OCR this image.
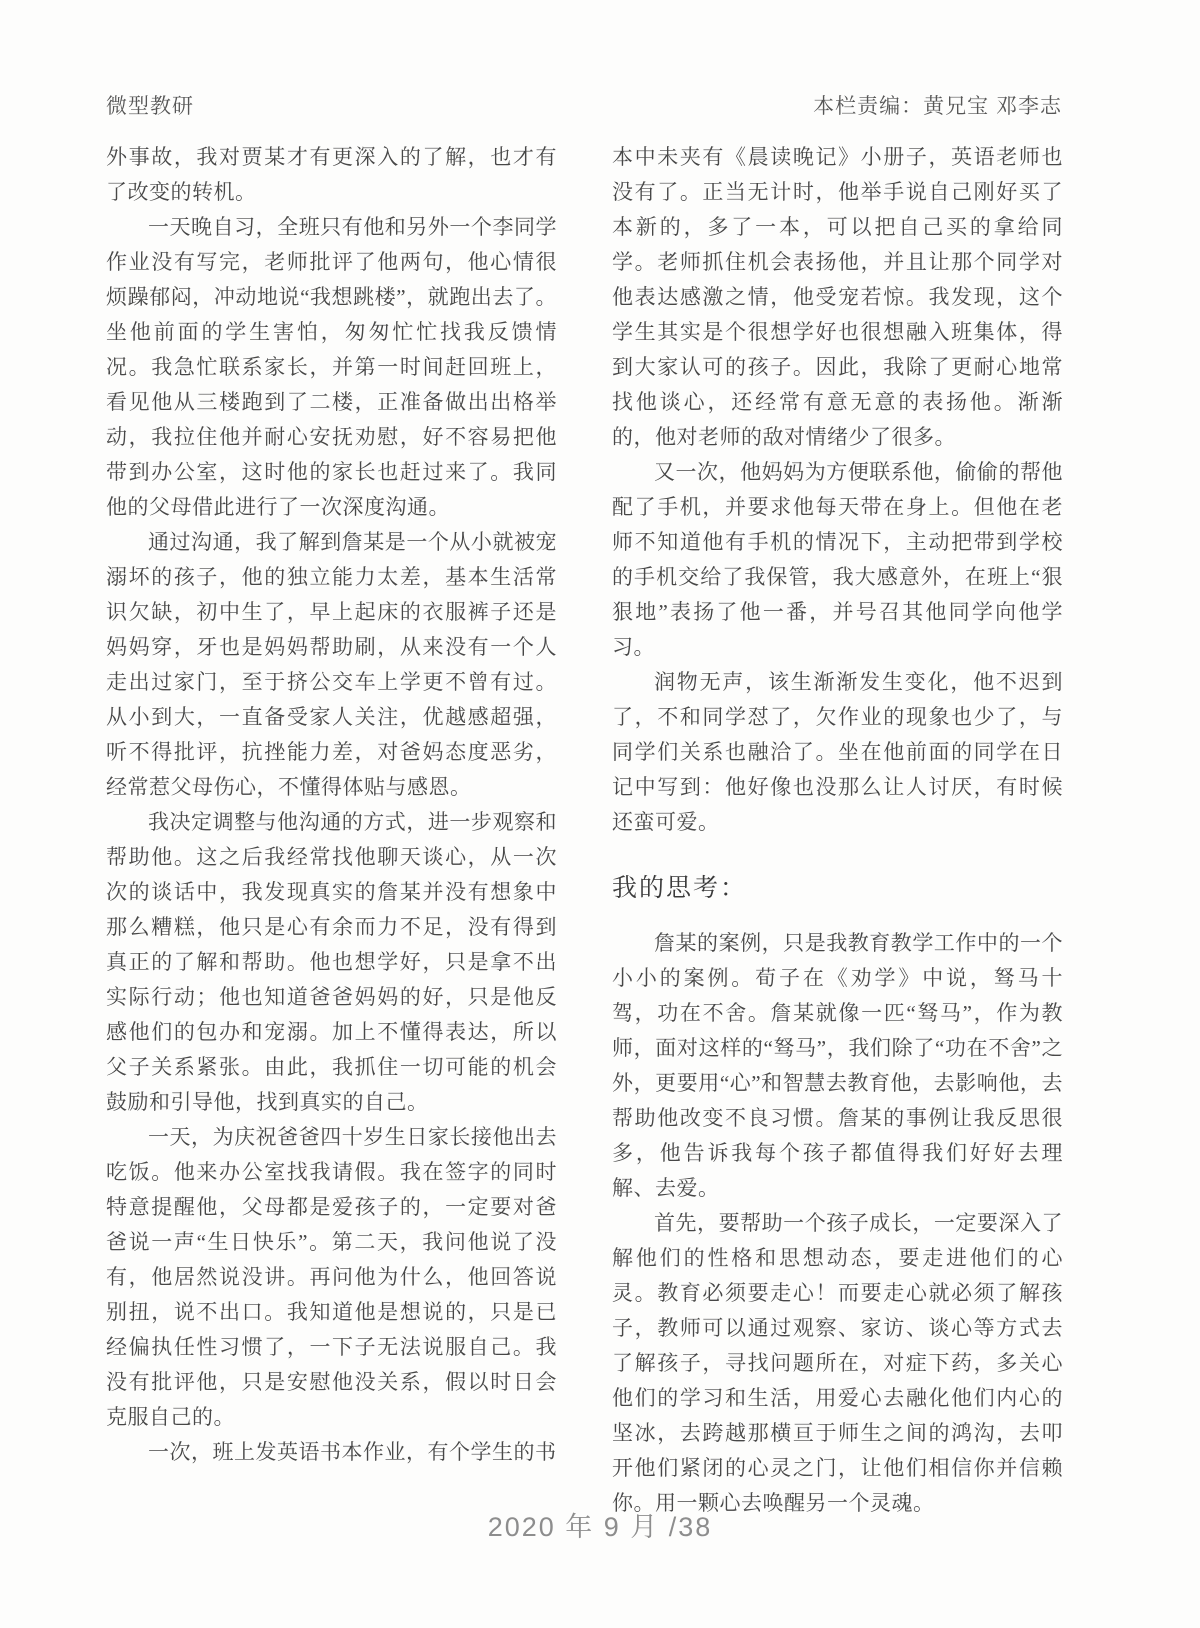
微型教研	本栏责编：黄兄宝 邓李志

外事故，我对贾某才有更深入的了解，也才有了改变的转机。

一天晚自习，全班只有他和另外一个李同学作业没有写完，老师批评了他两句，他心情很烦躁郁闷，冲动地说“我想跳楼”，就跑出去了。坐他前面的学生害怕，匆匆忙忙找我反馈情况。我急忙联系家长，并第一时间赶回班上，看见他从三楼跑到了二楼，正准备做出出格举动，我拉住他并耐心安抚劝慰，好不容易把他带到办公室，这时他的家长也赶过来了。我同他的父母借此进行了一次深度沟通。

通过沟通，我了解到詹某是一个从小就被宠溺坏的孩子，他的独立能力太差，基本生活常识欠缺，初中生了，早上起床的衣服裤子还是妈妈穿，牙也是妈妈帮助刷，从来没有一个人走出过家门，至于挤公交车上学更不曾有过。从小到大，一直备受家人关注，优越感超强，听不得批评，抗挫能力差，对爸妈态度恶劣，经常惹父母伤心，不懂得体贴与感恩。

我决定调整与他沟通的方式，进一步观察和帮助他。这之后我经常找他聊天谈心，从一次次的谈话中，我发现真实的詹某并没有想象中那么糟糕，他只是心有余而力不足，没有得到真正的了解和帮助。他也想学好，只是拿不出实际行动；他也知道爸爸妈妈的好，只是他反感他们的包办和宠溺。加上不懂得表达，所以父子关系紧张。由此，我抓住一切可能的机会鼓励和引导他，找到真实的自己。

一天，为庆祝爸爸四十岁生日家长接他出去吃饭。他来办公室找我请假。我在签字的同时特意提醒他，父母都是爱孩子的，一定要对爸爸说一声“生日快乐”。第二天，我问他说了没有，他居然说没讲。再问他为什么，他回答说别扭，说不出口。我知道他是想说的，只是已经偏执任性习惯了，一下子无法说服自己。我没有批评他，只是安慰他没关系，假以时日会克服自己的。

一次，班上发英语书本作业，有个学生的书

本中未夹有《晨读晚记》小册子，英语老师也没有了。正当无计时，他举手说自己刚好买了本新的，多了一本，可以把自己买的拿给同学。老师抓住机会表扬他，并且让那个同学对他表达感激之情，他受宠若惊。我发现，这个学生其实是个很想学好也很想融入班集体，得到大家认可的孩子。因此，我除了更耐心地常找他谈心，还经常有意无意的表扬他。渐渐的，他对老师的敌对情绪少了很多。

又一次，他妈妈为方便联系他，偷偷的帮他配了手机，并要求他每天带在身上。但他在老师不知道他有手机的情况下，主动把带到学校的手机交给了我保管，我大感意外，在班上“狠狠地”表扬了他一番，并号召其他同学向他学习。

润物无声，该生渐渐发生变化，他不迟到了，不和同学怼了，欠作业的现象也少了，与同学们关系也融洽了。坐在他前面的同学在日记中写到：他好像也没那么让人讨厌，有时候还蛮可爱。

我的思考：

詹某的案例，只是我教育教学工作中的一个小小的案例。荀子在《劝学》中说，驽马十驾，功在不舍。詹某就像一匹“驽马”，作为教师，面对这样的“驽马”，我们除了“功在不舍”之外，更要用“心”和智慧去教育他，去影响他，去帮助他改变不良习惯。詹某的事例让我反思很多，他告诉我每个孩子都值得我们好好去理解、去爱。

首先，要帮助一个孩子成长，一定要深入了解他们的性格和思想动态，要走进他们的心灵。教育必须要走心！而要走心就必须了解孩子，教师可以通过观察、家访、谈心等方式去了解孩子，寻找问题所在，对症下药，多关心他们的学习和生活，用爱心去融化他们内心的坚冰，去跨越那横亘于师生之间的鸿沟，去叩开他们紧闭的心灵之门，让他们相信你并信赖你。用一颗心去唤醒另一个灵魂。

2020 年 9 月 /38
